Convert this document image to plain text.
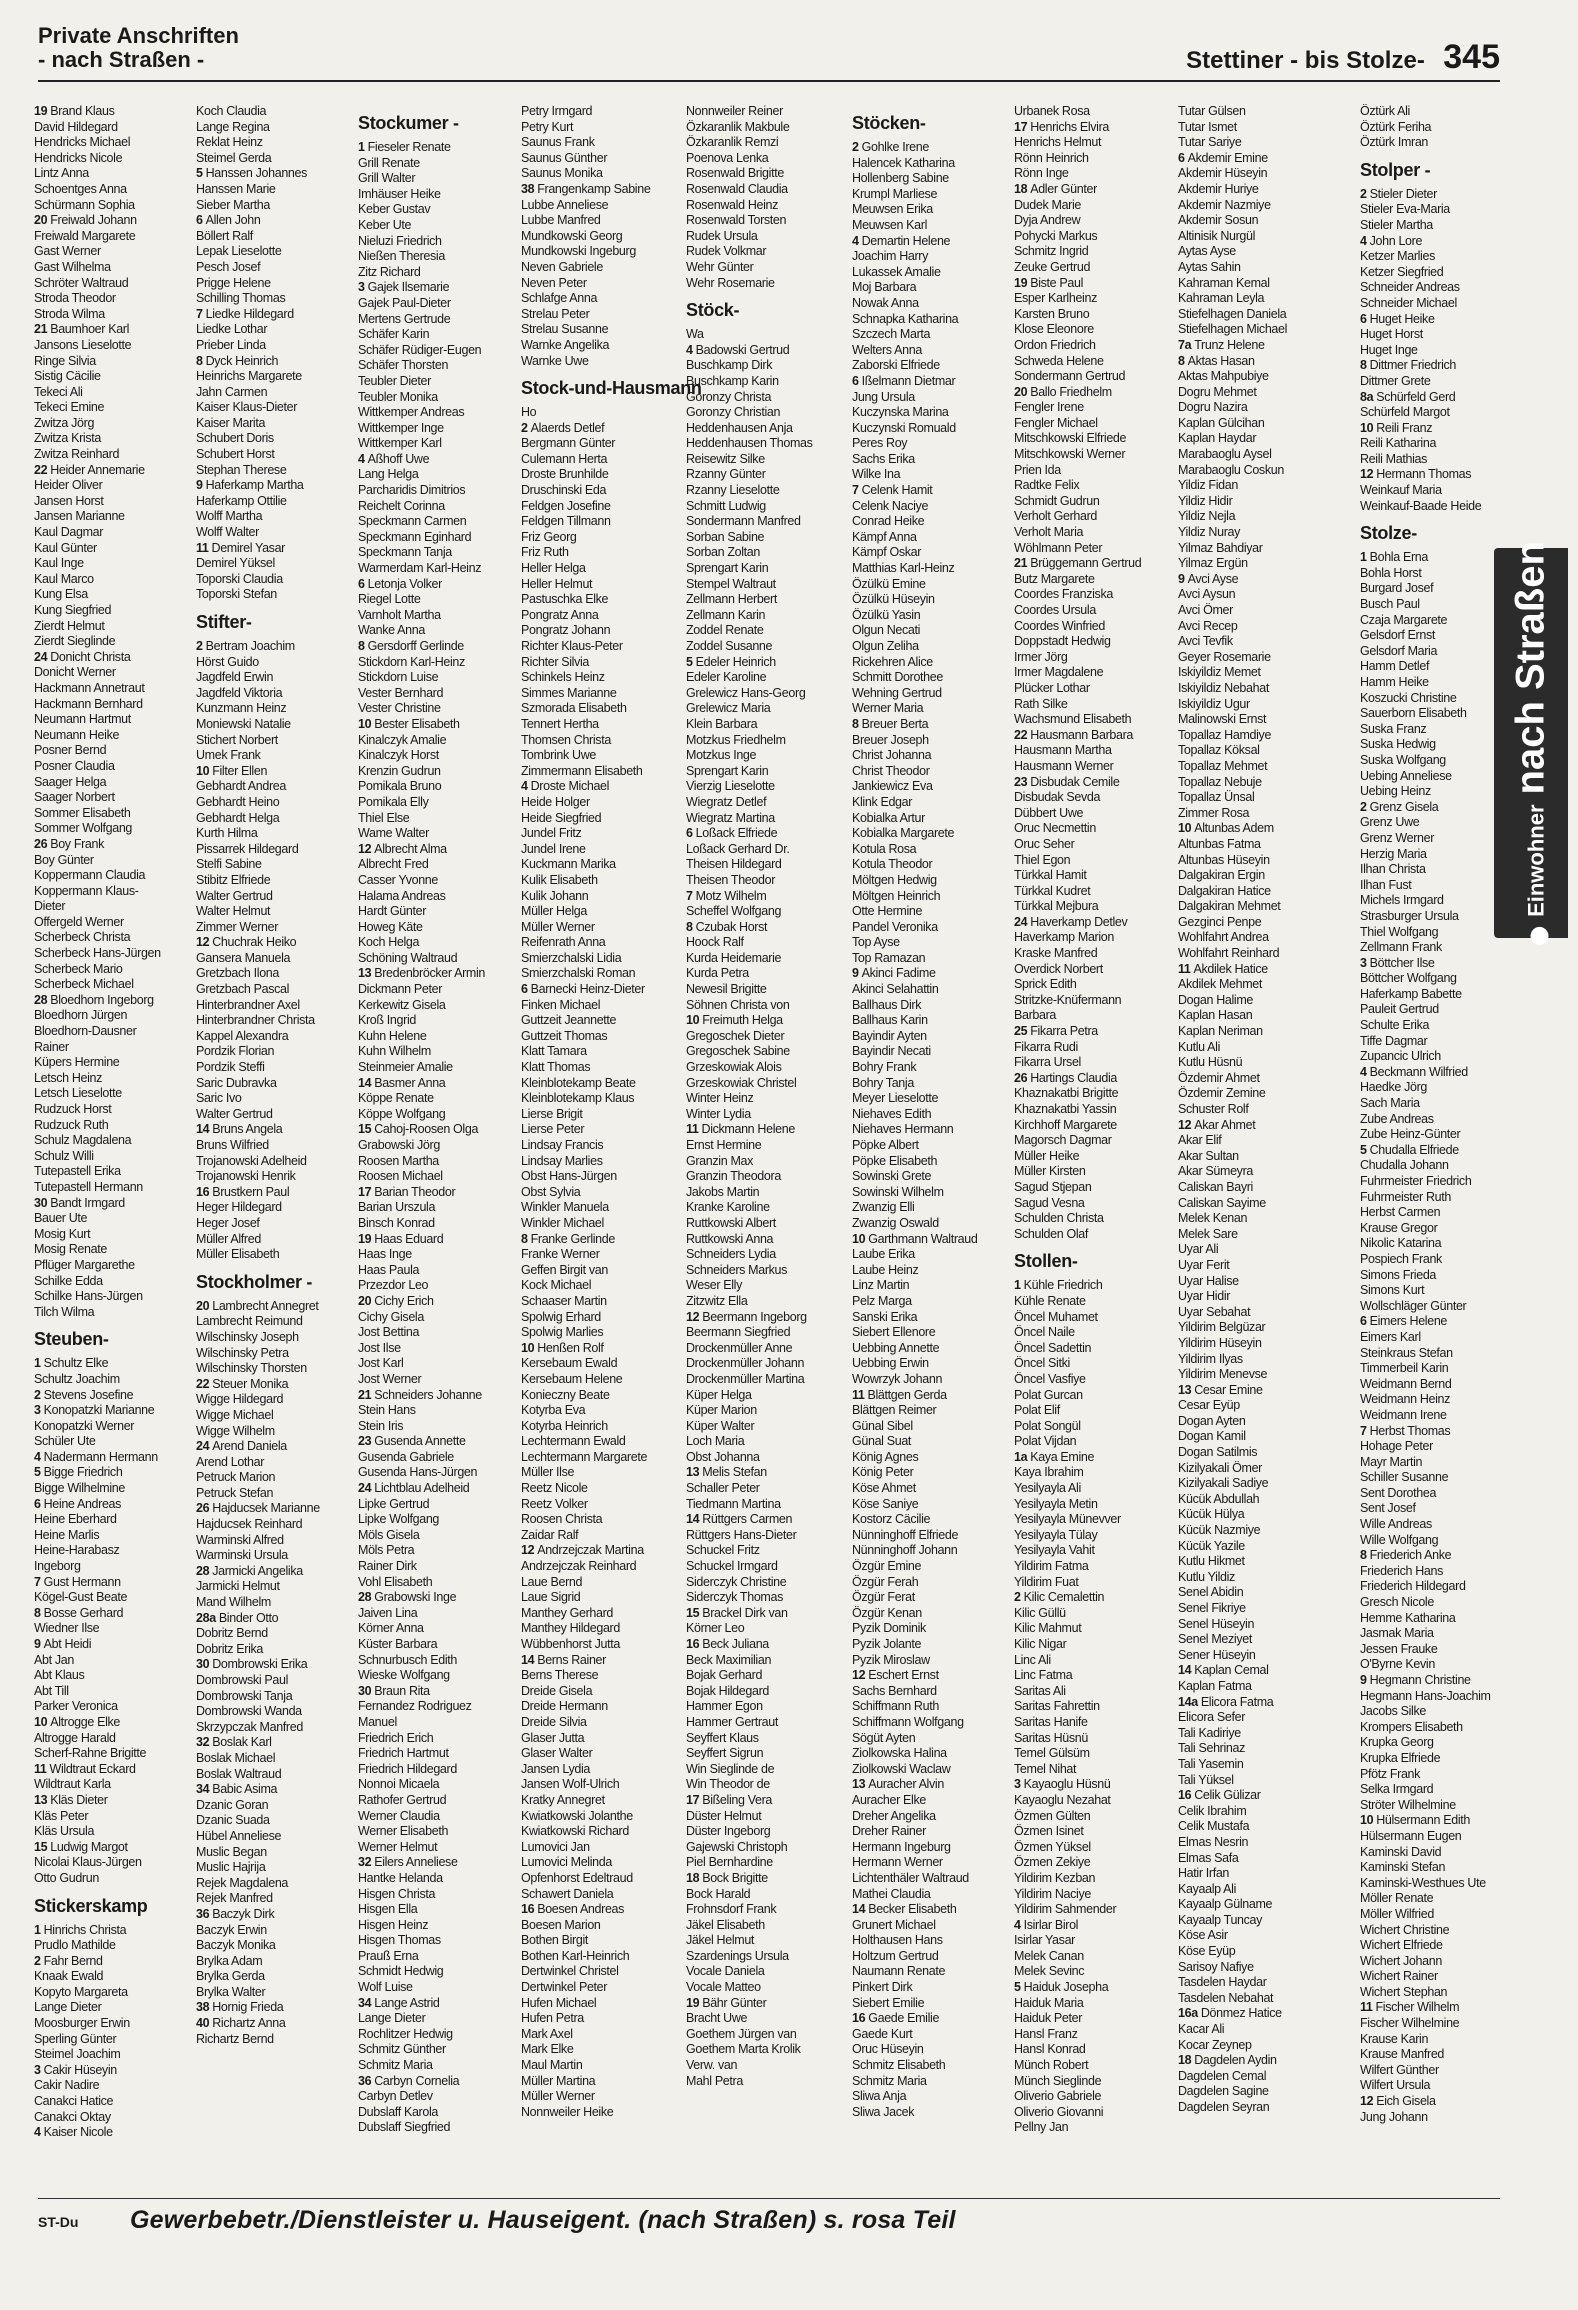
Private Anschriften
- nach Straßen -	Stettiner - bis Stolze- 345
19 Brand Klaus
David Hildegard
Hendricks Michael
Hendricks Nicole
Lintz Anna
Schoentges Anna
Schürmann Sophia
20 Freiwald Johann
Freiwald Margarete
Gast Werner
Gast Wilhelma
Schröter Waltraud
Stroda Theodor
Stroda Wilma
21 Baumhoer Karl
Jansons Lieselotte
Ringe Silvia
Sistig Cäcilie
Tekeci Ali
Tekeci Emine
Zwitza Jörg
Zwitza Krista
Zwitza Reinhard
22 Heider Annemarie
Heider Oliver
Jansen Horst
Jansen Marianne
Kaul Dagmar
Kaul Günter
Kaul Inge
Kaul Marco
Kung Elsa
Kung Siegfried
Zierdt Helmut
Zierdt Sieglinde
24 Donicht Christa
Donicht Werner
Hackmann Annetraut
Hackmann Bernhard
Neumann Hartmut
Neumann Heike
Posner Bernd
Posner Claudia
Saager Helga
Saager Norbert
Sommer Elisabeth
Sommer Wolfgang
26 Boy Frank
Boy Günter
Koppermann Claudia
Koppermann Klaus-
Dieter
Offergeld Werner
Scherbeck Christa
Scherbeck Hans-Jürgen
Scherbeck Mario
Scherbeck Michael
28 Bloedhorn Ingeborg
Bloedhorn Jürgen
Bloedhorn-Dausner
Rainer
Küpers Hermine
Letsch Heinz
Letsch Lieselotte
Rudzuck Horst
Rudzuck Ruth
Schulz Magdalena
Schulz Willi
Tutepastell Erika
Tutepastell Hermann
30 Bandt Irmgard
Bauer Ute
Mosig Kurt
Mosig Renate
Pflüger Margarethe
Schilke Edda
Schilke Hans-Jürgen
Tilch Wilma
Steuben-
1 Schultz Elke
Schultz Joachim
2 Stevens Josefine
3 Konopatzki Marianne
Konopatzki Werner
Schüler Ute
4 Nadermann Hermann
5 Bigge Friedrich
Bigge Wilhelmine
6 Heine Andreas
Heine Eberhard
Heine Marlis
Heine-Harabasz
Ingeborg
7 Gust Hermann
Kögel-Gust Beate
8 Bosse Gerhard
Wiedner Ilse
9 Abt Heidi
Abt Jan
Abt Klaus
Abt Till
Parker Veronica
10 Altrogge Elke
Altrogge Harald
Scherf-Rahne Brigitte
11 Wildtraut Eckard
Wildtraut Karla
13 Kläs Dieter
Kläs Peter
Kläs Ursula
15 Ludwig Margot
Nicolai Klaus-Jürgen
Otto Gudrun
Stickerskamp
1 Hinrichs Christa
Prudlo Mathilde
2 Fahr Bernd
Knaak Ewald
Kopyto Margareta
Lange Dieter
Moosburger Erwin
Sperling Günter
Steimel Joachim
3 Cakir Hüseyin
Cakir Nadire
Canakci Hatice
Canakci Oktay
4 Kaiser Nicole
Koch Claudia
Lange Regina
Reklat Heinz
Steimel Gerda
5 Hanssen Johannes
Hanssen Marie
Sieber Martha
6 Allen John
Böllert Ralf
Lepak Lieselotte
Pesch Josef
Prigge Helene
Schilling Thomas
7 Liedke Hildegard
Liedke Lothar
Prieber Linda
8 Dyck Heinrich
Heinrichs Margarete
Jahn Carmen
Kaiser Klaus-Dieter
Kaiser Marita
Schubert Doris
Schubert Horst
Stephan Therese
9 Haferkamp Martha
Haferkamp Ottilie
Wolff Martha
Wolff Walter
11 Demirel Yasar
Demirel Yüksel
Toporski Claudia
Toporski Stefan
Stifter-
2 Bertram Joachim
Hörst Guido
Jagdfeld Erwin
Jagdfeld Viktoria
Kunzmann Heinz
Moniewski Natalie
Stichert Norbert
Umek Frank
10 Filter Ellen
Gebhardt Andrea
Gebhardt Heino
Gebhardt Helga
Kurth Hilma
Pissarrek Hildegard
Stelfi Sabine
Stibitz Elfriede
Walter Gertrud
Walter Helmut
Zimmer Werner
12 Chuchrak Heiko
Gansera Manuela
Gretzbach Ilona
Gretzbach Pascal
Hinterbrandner Axel
Hinterbrandner Christa
Kappel Alexandra
Pordzik Florian
Pordzik Steffi
Saric Dubravka
Saric Ivo
Walter Gertrud
14 Bruns Angela
Bruns Wilfried
Trojanowski Adelheid
Trojanowski Henrik
16 Brustkern Paul
Heger Hildegard
Heger Josef
Müller Alfred
Müller Elisabeth
Stockholmer -
20 Lambrecht Annegret
Lambrecht Reimund
Wilschinsky Joseph
Wilschinsky Petra
Wilschinsky Thorsten
22 Steuer Monika
Wigge Hildegard
Wigge Michael
Wigge Wilhelm
24 Arend Daniela
Arend Lothar
Petruck Marion
Petruck Stefan
26 Hajducsek Marianne
Hajducsek Reinhard
Warminski Alfred
Warminski Ursula
28 Jarmicki Angelika
Jarmicki Helmut
Mand Wilhelm
28a Binder Otto
Dobritz Bernd
Dobritz Erika
30 Dombrowski Erika
Dombrowski Paul
Dombrowski Tanja
Dombrowski Wanda
Skrzypczak Manfred
32 Boslak Karl
Boslak Michael
Boslak Waltraud
34 Babic Asima
Dzanic Goran
Dzanic Suada
Hübel Anneliese
Muslic Began
Muslic Hajrija
Rejek Magdalena
Rejek Manfred
36 Baczyk Dirk
Baczyk Erwin
Baczyk Monika
Brylka Adam
Brylka Gerda
Brylka Walter
38 Hornig Frieda
40 Richartz Anna
Richartz Bernd
Stockumer -
1 Fieseler Renate
Grill Renate
Grill Walter
Imhäuser Heike
Keber Gustav
Keber Ute
Nieluzi Friedrich
Nießen Theresia
Zitz Richard
3 Gajek Ilsemarie
Gajek Paul-Dieter
Mertens Gertrude
Schäfer Karin
Schäfer Rüdiger-Eugen
Schäfer Thorsten
Teubler Dieter
Teubler Monika
Wittkemper Andreas
Wittkemper Inge
Wittkemper Karl
4 Aßhoff Uwe
Lang Helga
Parcharidis Dimitrios
Reichelt Corinna
Speckmann Carmen
Speckmann Eginhard
Speckmann Tanja
Warmerdam Karl-Heinz
6 Letonja Volker
Riegel Lotte
Varnholt Martha
Wanke Anna
8 Gersdorff Gerlinde
Stickdorn Karl-Heinz
Stickdorn Luise
Vester Bernhard
Vester Christine
10 Bester Elisabeth
Kinalczyk Amalie
Kinalczyk Horst
Krenzin Gudrun
Pomikala Bruno
Pomikala Elly
Thiel Else
Wame Walter
12 Albrecht Alma
Albrecht Fred
Casser Yvonne
Halama Andreas
Hardt Günter
Howeg Käte
Koch Helga
Schöning Waltraud
13 Bredenbröcker Armin
Dickmann Peter
Kerkewitz Gisela
Kroß Ingrid
Kuhn Helene
Kuhn Wilhelm
Steinmeier Amalie
14 Basmer Anna
Köppe Renate
Köppe Wolfgang
15 Cahoj-Roosen Olga
Grabowski Jörg
Roosen Martha
Roosen Michael
17 Barian Theodor
Barian Urszula
Binsch Konrad
19 Haas Eduard
Haas Inge
Haas Paula
Przezdor Leo
20 Cichy Erich
Cichy Gisela
Jost Bettina
Jost Ilse
Jost Karl
Jost Werner
21 Schneiders Johanne
Stein Hans
Stein Iris
23 Gusenda Annette
Gusenda Gabriele
Gusenda Hans-Jürgen
24 Lichtblau Adelheid
Lipke Gertrud
Lipke Wolfgang
Möls Gisela
Möls Petra
Rainer Dirk
Vohl Elisabeth
28 Grabowski Inge
Jaiven Lina
Körner Anna
Küster Barbara
Schnurbusch Edith
Wieske Wolfgang
30 Braun Rita
Fernandez Rodriguez
Manuel
Friedrich Erich
Friedrich Hartmut
Friedrich Hildegard
Nonnoi Micaela
Rathofer Gertrud
Werner Claudia
Werner Elisabeth
Werner Helmut
32 Eilers Anneliese
Hantke Helanda
Hisgen Christa
Hisgen Ella
Hisgen Heinz
Hisgen Thomas
Prauß Erna
Schmidt Hedwig
Wolf Luise
34 Lange Astrid
Lange Dieter
Rochlitzer Hedwig
Schmitz Günther
Schmitz Maria
36 Carbyn Cornelia
Carbyn Detlev
Dubslaff Karola
Dubslaff Siegfried
Petry Irmgard
Petry Kurt
Saunus Frank
Saunus Günther
Saunus Monika
38 Frangenkamp Sabine
Lubbe Anneliese
Lubbe Manfred
Mundkowski Georg
Mundkowski Ingeburg
Neven Gabriele
Neven Peter
Schlafge Anna
Strelau Peter
Strelau Susanne
Warnke Angelika
Warnke Uwe
Stock-und-Hausmann
Ho
2 Alaerds Detlef
Bergmann Günter
Culemann Herta
Droste Brunhilde
Druschinski Eda
Feldgen Josefine
Feldgen Tillmann
Friz Georg
Friz Ruth
Heller Helga
Heller Helmut
Pastuschka Elke
Pongratz Anna
Pongratz Johann
Richter Klaus-Peter
Richter Silvia
Schinkels Heinz
Simmes Marianne
Szmorada Elisabeth
Tennert Hertha
Thomsen Christa
Tombrink Uwe
Zimmermann Elisabeth
4 Droste Michael
Heide Holger
Heide Siegfried
Jundel Fritz
Jundel Irene
Kuckmann Marika
Kulik Elisabeth
Kulik Johann
Müller Helga
Müller Werner
Reifenrath Anna
Smierzchalski Lidia
Smierzchalski Roman
6 Barnecki Heinz-Dieter
Finken Michael
Guttzeit Jeannette
Guttzeit Thomas
Klatt Tamara
Klatt Thomas
Kleinblotekamp Beate
Kleinblotekamp Klaus
Lierse Brigit
Lierse Peter
Lindsay Francis
Lindsay Marlies
Obst Hans-Jürgen
Obst Sylvia
Winkler Manuela
Winkler Michael
8 Franke Gerlinde
Franke Werner
Geffen Birgit van
Kock Michael
Schaaser Martin
Spolwig Erhard
Spolwig Marlies
10 Henßen Rolf
Kersebaum Ewald
Kersebaum Helene
Konieczny Beate
Kotyrba Eva
Kotyrba Heinrich
Lechtermann Ewald
Lechtermann Margarete
Müller Ilse
Reetz Nicole
Reetz Volker
Roosen Christa
Zaidar Ralf
12 Andrzejczak Martina
Andrzejczak Reinhard
Laue Bernd
Laue Sigrid
Manthey Gerhard
Manthey Hildegard
Wübbenhorst Jutta
14 Berns Rainer
Berns Therese
Dreide Gisela
Dreide Hermann
Dreide Silvia
Glaser Jutta
Glaser Walter
Jansen Lydia
Jansen Wolf-Ulrich
Kratky Annegret
Kwiatkowski Jolanthe
Kwiatkowski Richard
Lumovici Jan
Lumovici Melinda
Opfenhorst Edeltraud
Schawert Daniela
16 Boesen Andreas
Boesen Marion
Bothen Birgit
Bothen Karl-Heinrich
Dertwinkel Christel
Dertwinkel Peter
Hufen Michael
Hufen Petra
Mark Axel
Mark Elke
Maul Martin
Müller Martina
Müller Werner
Nonnweiler Heike
Nonnweiler Reiner
Özkaranlik Makbule
Özkaranlik Remzi
Poenova Lenka
Rosenwald Brigitte
Rosenwald Claudia
Rosenwald Heinz
Rosenwald Torsten
Rudek Ursula
Rudek Volkmar
Wehr Günter
Wehr Rosemarie
Stöck-
Wa
4 Badowski Gertrud
Buschkamp Dirk
Buschkamp Karin
Goronzy Christa
Goronzy Christian
Heddenhausen Anja
Heddenhausen Thomas
Reisewitz Silke
Rzanny Günter
Rzanny Lieselotte
Schmitt Ludwig
Sondermann Manfred
Sorban Sabine
Sorban Zoltan
Sprengart Karin
Stempel Waltraut
Zellmann Herbert
Zellmann Karin
Zoddel Renate
Zoddel Susanne
5 Edeler Heinrich
Edeler Karoline
Grelewicz Hans-Georg
Grelewicz Maria
Klein Barbara
Motzkus Friedhelm
Motzkus Inge
Sprengart Karin
Vierzig Lieselotte
Wiegratz Detlef
Wiegratz Martina
6 Loßack Elfriede
Loßack Gerhard Dr.
Theisen Hildegard
Theisen Theodor
7 Motz Wilhelm
Scheffel Wolfgang
8 Czubak Horst
Hoock Ralf
Kurda Heidemarie
Kurda Petra
Newesil Brigitte
Söhnen Christa von
10 Freimuth Helga
Gregoschek Dieter
Gregoschek Sabine
Grzeskowiak Alois
Grzeskowiak Christel
Winter Heinz
Winter Lydia
11 Dickmann Helene
Ernst Hermine
Granzin Max
Granzin Theodora
Jakobs Martin
Kranke Karoline
Ruttkowski Albert
Ruttkowski Anna
Schneiders Lydia
Schneiders Markus
Weser Elly
Zitzwitz Ella
12 Beermann Ingeborg
Beermann Siegfried
Drockenmüller Anne
Drockenmüller Johann
Drockenmüller Martina
Küper Helga
Küper Marion
Küper Walter
Loch Maria
Obst Johanna
13 Melis Stefan
Schaller Peter
Tiedmann Martina
14 Rüttgers Carmen
Rüttgers Hans-Dieter
Schuckel Fritz
Schuckel Irmgard
Siderczyk Christine
Siderczyk Thomas
15 Brackel Dirk van
Körner Leo
16 Beck Juliana
Beck Maximilian
Bojak Gerhard
Bojak Hildegard
Hammer Egon
Hammer Gertraut
Seyffert Klaus
Seyffert Sigrun
Win Sieglinde de
Win Theodor de
17 Bißeling Vera
Düster Helmut
Düster Ingeborg
Gajewski Christoph
Piel Bernhardine
18 Bock Brigitte
Bock Harald
Frohnsdorf Frank
Jäkel Elisabeth
Jäkel Helmut
Szardenings Ursula
Vocale Daniela
Vocale Matteo
19 Bähr Günter
Bracht Uwe
Goethem Jürgen van
Goethem Marta Krolik
Verw. van
Mahl Petra
Stöcken-
2 Gohlke Irene
Halencek Katharina
Hollenberg Sabine
Krumpl Marliese
Meuwsen Erika
Meuwsen Karl
4 Demartin Helene
Joachim Harry
Lukassek Amalie
Moj Barbara
Nowak Anna
Schnapka Katharina
Szczech Marta
Welters Anna
Zaborski Elfriede
6 Ißelmann Dietmar
Jung Ursula
Kuczynska Marina
Kuczynski Romuald
Peres Roy
Sachs Erika
Wilke Ina
7 Celenk Hamit
Celenk Naciye
Conrad Heike
Kämpf Anna
Kämpf Oskar
Matthias Karl-Heinz
Özülkü Emine
Özülkü Hüseyin
Özülkü Yasin
Olgun Necati
Olgun Zeliha
Rickehren Alice
Schmitt Dorothee
Wehning Gertrud
Werner Maria
8 Breuer Berta
Breuer Joseph
Christ Johanna
Christ Theodor
Jankiewicz Eva
Klink Edgar
Kobialka Artur
Kobialka Margarete
Kotula Rosa
Kotula Theodor
Möltgen Hedwig
Möltgen Heinrich
Otte Hermine
Pandel Veronika
Top Ayse
Top Ramazan
9 Akinci Fadime
Akinci Selahattin
Ballhaus Dirk
Ballhaus Karin
Bayindir Ayten
Bayindir Necati
Bohry Frank
Bohry Tanja
Meyer Lieselotte
Niehaves Edith
Niehaves Hermann
Pöpke Albert
Pöpke Elisabeth
Sowinski Grete
Sowinski Wilhelm
Zwanzig Elli
Zwanzig Oswald
10 Garthmann Waltraud
Laube Erika
Laube Heinz
Linz Martin
Pelz Marga
Sanski Erika
Siebert Ellenore
Uebbing Annette
Uebbing Erwin
Wowrzyk Johann
11 Blättgen Gerda
Blättgen Reimer
Günal Sibel
Günal Suat
König Agnes
König Peter
Köse Ahmet
Köse Saniye
Kostorz Cäcilie
Nünninghoff Elfriede
Nünninghoff Johann
Özgür Emine
Özgür Ferah
Özgür Ferat
Özgür Kenan
Pyzik Dominik
Pyzik Jolante
Pyzik Miroslaw
12 Eschert Ernst
Sachs Bernhard
Schiffmann Ruth
Schiffmann Wolfgang
Sögüt Ayten
Ziolkowska Halina
Ziolkowski Waclaw
13 Auracher Alvin
Auracher Elke
Dreher Angelika
Dreher Rainer
Hermann Ingeburg
Hermann Werner
Lichtenthäler Waltraud
Mathei Claudia
14 Becker Elisabeth
Grunert Michael
Holthausen Hans
Holtzum Gertrud
Naumann Renate
Pinkert Dirk
Siebert Emilie
16 Gaede Emilie
Gaede Kurt
Oruc Hüseyin
Schmitz Elisabeth
Schmitz Maria
Sliwa Anja
Sliwa Jacek
Urbanek Rosa
17 Henrichs Elvira
Henrichs Helmut
Rönn Heinrich
Rönn Inge
18 Adler Günter
Dudek Marie
Dyja Andrew
Pohycki Markus
Schmitz Ingrid
Zeuke Gertrud
19 Biste Paul
Esper Karlheinz
Karsten Bruno
Klose Eleonore
Ordon Friedrich
Schweda Helene
Sondermann Gertrud
20 Ballo Friedhelm
Fengler Irene
Fengler Michael
Mitschkowski Elfriede
Mitschkowski Werner
Prien Ida
Radtke Felix
Schmidt Gudrun
Verholt Gerhard
Verholt Maria
Wöhlmann Peter
21 Brüggemann Gertrud
Butz Margarete
Coordes Franziska
Coordes Ursula
Coordes Winfried
Doppstadt Hedwig
Irmer Jörg
Irmer Magdalene
Plücker Lothar
Rath Silke
Wachsmund Elisabeth
22 Hausmann Barbara
Hausmann Martha
Hausmann Werner
23 Disbudak Cemile
Disbudak Sevda
Dübbert Uwe
Oruc Necmettin
Oruc Seher
Thiel Egon
Türkkal Hamit
Türkkal Kudret
Türkkal Mejbura
24 Haverkamp Detlev
Haverkamp Marion
Kraske Manfred
Overdick Norbert
Sprick Edith
Stritzke-Knüfermann
Barbara
25 Fikarra Petra
Fikarra Rudi
Fikarra Ursel
26 Hartings Claudia
Khaznakatbi Brigitte
Khaznakatbi Yassin
Kirchhoff Margarete
Magorsch Dagmar
Müller Heike
Müller Kirsten
Sagud Stjepan
Sagud Vesna
Schulden Christa
Schulden Olaf
Stollen-
1 Kühle Friedrich
Kühle Renate
Öncel Muhamet
Öncel Naile
Öncel Sadettin
Öncel Sitki
Öncel Vasfiye
Polat Gurcan
Polat Elif
Polat Songül
Polat Vijdan
1a Kaya Emine
Kaya Ibrahim
Yesilyayla Ali
Yesilyayla Metin
Yesilyayla Münevver
Yesilyayla Tülay
Yesilyayla Vahit
Yildirim Fatma
Yildirim Fuat
2 Kilic Cemalettin
Kilic Güllü
Kilic Mahmut
Kilic Nigar
Linc Ali
Linc Fatma
Saritas Ali
Saritas Fahrettin
Saritas Hanife
Saritas Hüsnü
Temel Gülsüm
Temel Nihat
3 Kayaoglu Hüsnü
Kayaoglu Nezahat
Özmen Gülten
Özmen Isinet
Özmen Yüksel
Özmen Zekiye
Yildirim Kezban
Yildirim Naciye
Yildirim Sahmender
4 Isirlar Birol
Isirlar Yasar
Melek Canan
Melek Sevinc
5 Haiduk Josepha
Haiduk Maria
Haiduk Peter
Hansl Franz
Hansl Konrad
Münch Robert
Münch Sieglinde
Oliverio Gabriele
Oliverio Giovanni
Pellny Jan
Tutar Gülsen
Tutar Ismet
Tutar Sariye
6 Akdemir Emine
Akdemir Hüseyin
Akdemir Huriye
Akdemir Nazmiye
Akdemir Sosun
Altinisik Nurgül
Aytas Ayse
Aytas Sahin
Kahraman Kemal
Kahraman Leyla
Stiefelhagen Daniela
Stiefelhagen Michael
7a Trunz Helene
8 Aktas Hasan
Aktas Mahpubiye
Dogru Mehmet
Dogru Nazira
Kaplan Gülcihan
Kaplan Haydar
Marabaoglu Aysel
Marabaoglu Coskun
Yildiz Fidan
Yildiz Hidir
Yildiz Nejla
Yildiz Nuray
Yilmaz Bahdiyar
Yilmaz Ergün
9 Avci Ayse
Avci Aysun
Avci Ömer
Avci Recep
Avci Tevfik
Geyer Rosemarie
Iskiyildiz Memet
Iskiyildiz Nebahat
Iskiyildiz Ugur
Malinowski Ernst
Topallaz Hamdiye
Topallaz Köksal
Topallaz Mehmet
Topallaz Nebuje
Topallaz Ünsal
Zimmer Rosa
10 Altunbas Adem
Altunbas Fatma
Altunbas Hüseyin
Dalgakiran Ergin
Dalgakiran Hatice
Dalgakiran Mehmet
Gezginci Penpe
Wohlfahrt Andrea
Wohlfahrt Reinhard
11 Akdilek Hatice
Akdilek Mehmet
Dogan Halime
Kaplan Hasan
Kaplan Neriman
Kutlu Ali
Kutlu Hüsnü
Özdemir Ahmet
Özdemir Zemine
Schuster Rolf
12 Akar Ahmet
Akar Elif
Akar Sultan
Akar Sümeyra
Caliskan Bayri
Caliskan Sayime
Melek Kenan
Melek Sare
Uyar Ali
Uyar Ferit
Uyar Halise
Uyar Hidir
Uyar Sebahat
Yildirim Belgüzar
Yildirim Hüseyin
Yildirim Ilyas
Yildirim Menevse
13 Cesar Emine
Cesar Eyüp
Dogan Ayten
Dogan Kamil
Dogan Satilmis
Kizilyakali Ömer
Kizilyakali Sadiye
Kücük Abdullah
Kücük Hülya
Kücük Nazmiye
Kücük Yazile
Kutlu Hikmet
Kutlu Yildiz
Senel Abidin
Senel Fikriye
Senel Hüseyin
Senel Meziyet
Sener Hüseyin
14 Kaplan Cemal
Kaplan Fatma
14a Elicora Fatma
Elicora Sefer
Tali Kadiriye
Tali Sehrinaz
Tali Yasemin
Tali Yüksel
16 Celik Gülizar
Celik Ibrahim
Celik Mustafa
Elmas Nesrin
Elmas Safa
Hatir Irfan
Kayaalp Ali
Kayaalp Gülname
Kayaalp Tuncay
Köse Asir
Köse Eyüp
Sarisoy Nafiye
Tasdelen Haydar
Tasdelen Nebahat
16a Dönmez Hatice
Kacar Ali
Kocar Zeynep
18 Dagdelen Aydin
Dagdelen Cemal
Dagdelen Sagine
Dagdelen Seyran
Öztürk Ali
Öztürk Feriha
Öztürk Imran
Stolper -
2 Stieler Dieter
Stieler Eva-Maria
Stieler Martha
4 John Lore
Ketzer Marlies
Ketzer Siegfried
Schneider Andreas
Schneider Michael
6 Huget Heike
Huget Horst
Huget Inge
8 Dittmer Friedrich
Dittmer Grete
8a Schürfeld Gerd
Schürfeld Margot
10 Reili Franz
Reili Katharina
Reili Mathias
12 Hermann Thomas
Weinkauf Maria
Weinkauf-Baade Heide
Stolze-
1 Bohla Erna
Bohla Horst
Burgard Josef
Busch Paul
Czaja Margarete
Gelsdorf Ernst
Gelsdorf Maria
Hamm Detlef
Hamm Heike
Koszucki Christine
Sauerborn Elisabeth
Suska Franz
Suska Hedwig
Suska Wolfgang
Uebing Anneliese
Uebing Heinz
2 Grenz Gisela
Grenz Uwe
Grenz Werner
Herzig Maria
Ilhan Christa
Ilhan Fust
Michels Irmgard
Strasburger Ursula
Thiel Wolfgang
Zellmann Frank
3 Böttcher Ilse
Böttcher Wolfgang
Haferkamp Babette
Pauleit Gertrud
Schulte Erika
Tiffe Dagmar
Zupancic Ulrich
4 Beckmann Wilfried
Haedke Jörg
Sach Maria
Zube Andreas
Zube Heinz-Günter
5 Chudalla Elfriede
Chudalla Johann
Fuhrmeister Friedrich
Fuhrmeister Ruth
Herbst Carmen
Krause Gregor
Nikolic Katarina
Pospiech Frank
Simons Frieda
Simons Kurt
Wollschläger Günter
6 Eimers Helene
Eimers Karl
Steinkraus Stefan
Timmerbeil Karin
Weidmann Bernd
Weidmann Heinz
Weidmann Irene
7 Herbst Thomas
Hohage Peter
Mayr Martin
Schiller Susanne
Sent Dorothea
Sent Josef
Wille Andreas
Wille Wolfgang
8 Friederich Anke
Friederich Hans
Friederich Hildegard
Gresch Nicole
Hemme Katharina
Jasmak Maria
Jessen Frauke
O'Byrne Kevin
9 Hegmann Christine
Hegmann Hans-Joachim
Jacobs Silke
Krompers Elisabeth
Krupka Georg
Krupka Elfriede
Pfötz Frank
Selka Irmgard
Ströter Wilhelmine
10 Hülsermann Edith
Hülsermann Eugen
Kaminski David
Kaminski Stefan
Kaminski-Westhues Ute
Möller Renate
Möller Wilfried
Wichert Christine
Wichert Elfriede
Wichert Johann
Wichert Rainer
Wichert Stephan
11 Fischer Wilhelm
Fischer Wilhelmine
Krause Karin
Krause Manfred
Wilfert Günther
Wilfert Ursula
12 Eich Gisela
Jung Johann
Einwohnernach Straßen
ST-Du Gewerbebetr./Dienstleister u. Hauseigent. (nach Straßen) s. rosa Teil
